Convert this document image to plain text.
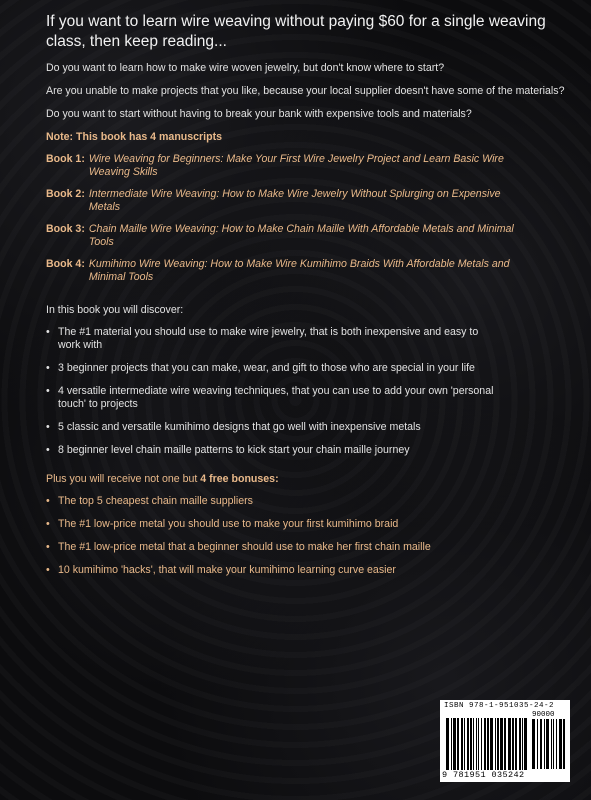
If you want to learn wire weaving without paying $60 for a single weaving class, then keep reading...
Do you want to learn how to make wire woven jewelry, but don't know where to start?
Are you unable to make projects that you like, because your local supplier doesn't have some of the materials?
Do you want to start without having to break your bank with expensive tools and materials?
Note: This book has 4 manuscripts
Book 1: Wire Weaving for Beginners: Make Your First Wire Jewelry Project and Learn Basic Wire Weaving Skills
Book 2: Intermediate Wire Weaving: How to Make Wire Jewelry Without Splurging on Expensive Metals
Book 3: Chain Maille Wire Weaving: How to Make Chain Maille With Affordable Metals and Minimal Tools
Book 4: Kumihimo Wire Weaving: How to Make Wire Kumihimo Braids With Affordable Metals and Minimal Tools
In this book you will discover:
• The #1 material you should use to make wire jewelry, that is both inexpensive and easy to work with
• 3 beginner projects that you can make, wear, and gift to those who are special in your life
• 4 versatile intermediate wire weaving techniques, that you can use to add your own 'personal touch' to projects
• 5 classic and versatile kumihimo designs that go well with inexpensive metals
• 8 beginner level chain maille patterns to kick start your chain maille journey
Plus you will receive not one but 4 free bonuses:
• The top 5 cheapest chain maille suppliers
• The #1 low-price metal you should use to make your first kumihimo braid
• The #1 low-price metal that a beginner should use to make her first chain maille
• 10 kumihimo 'hacks', that will make your kumihimo learning curve easier
ISBN 978-1-951035-24-2
90000
9 781951 035242
